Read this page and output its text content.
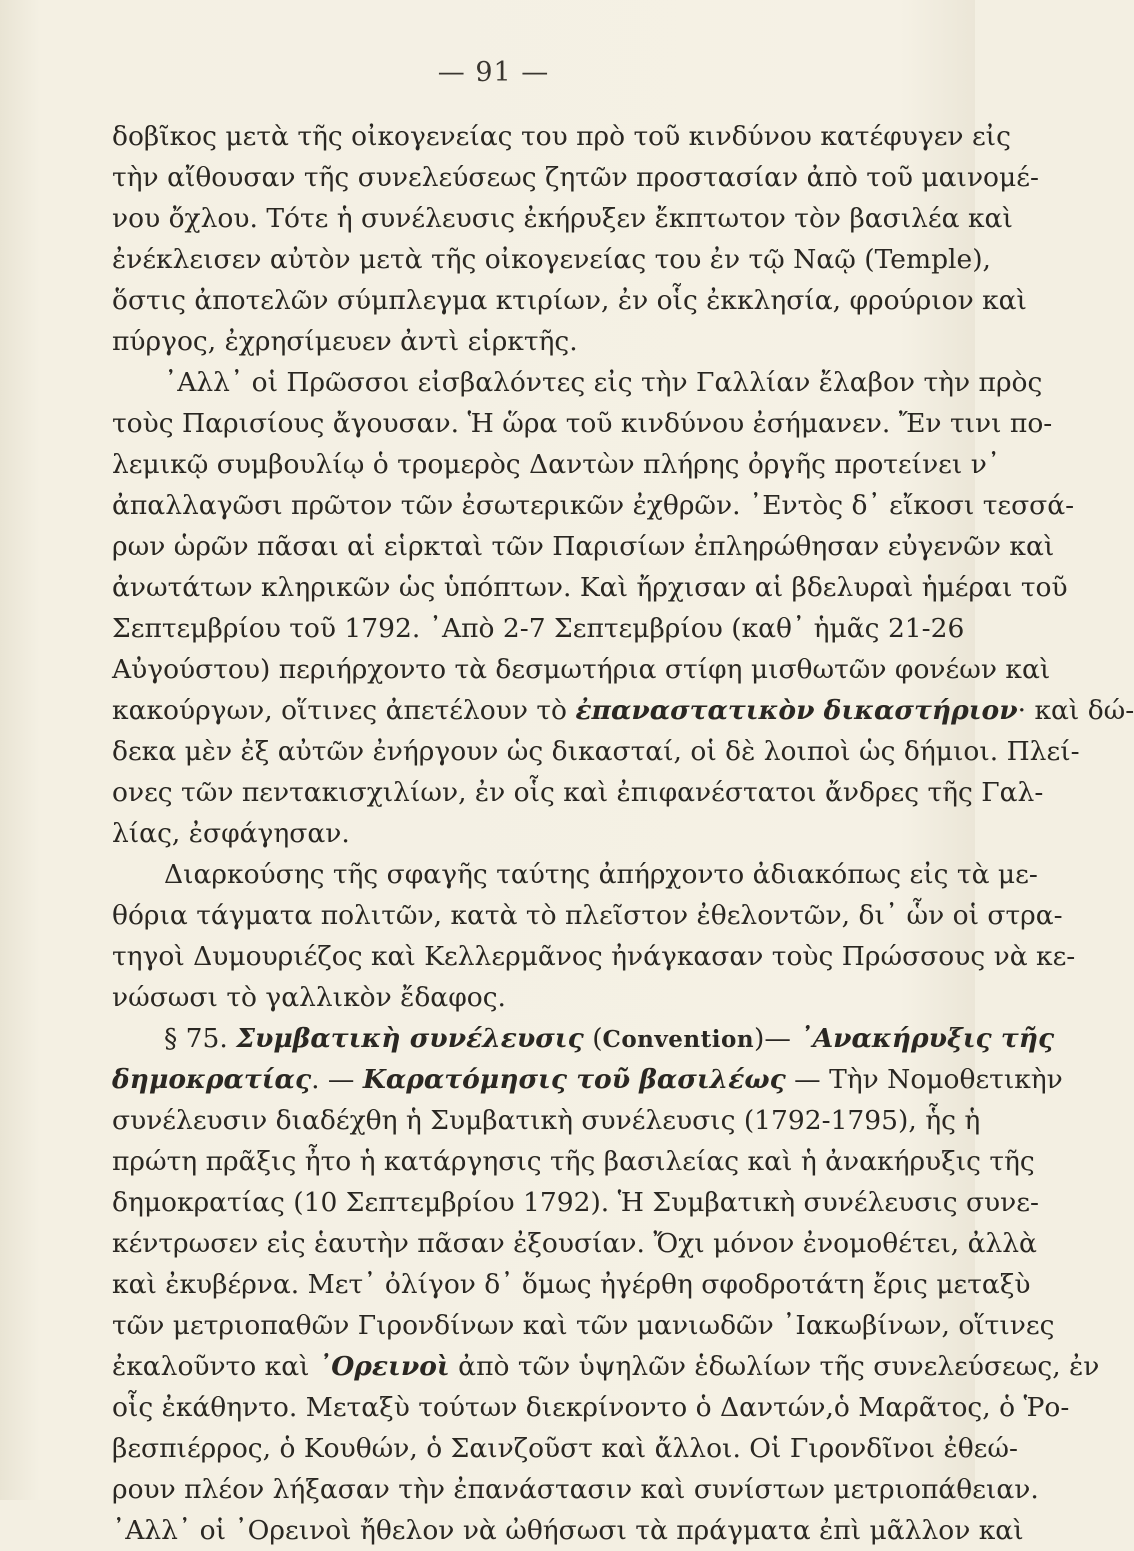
— 91 —
δοβῖκος μετὰ τῆς οἰκογενείας του πρὸ τοῦ κινδύνου κατέφυγεν εἰς
τὴν αἴθουσαν τῆς συνελεύσεως ζητῶν προστασίαν ἀπὸ τοῦ μαινομέ-
νου ὄχλου. Τότε ἡ συνέλευσις ἐκήρυξεν ἔκπτωτον τὸν βασιλέα καὶ
ἐνέκλεισεν αὐτὸν μετὰ τῆς οἰκογενείας του ἐν τῷ Ναῷ (Temple),
ὅστις ἀποτελῶν σύμπλεγμα κτιρίων, ἐν οἷς ἐκκλησία, φρούριον καὶ
πύργος, ἐχρησίμευεν ἀντὶ εἱρκτῆς.
᾿Αλλ᾿ οἱ Πρῶσσοι εἰσβαλόντες εἰς τὴν Γαλλίαν ἔλαβον τὴν πρὸς
τοὺς Παρισίους ἄγουσαν. Ἡ ὥρα τοῦ κινδύνου ἐσήμανεν. Ἔν τινι πο-
λεμικῷ συμβουλίῳ ὁ τρομερὸς Δαντὼν πλήρης ὀργῆς προτείνει ν᾿
ἀπαλλαγῶσι πρῶτον τῶν ἐσωτερικῶν ἐχθρῶν. ᾿Εντὸς δ᾿ εἴκοσι τεσσά-
ρων ὡρῶν πᾶσαι αἱ εἱρκταὶ τῶν Παρισίων ἐπληρώθησαν εὐγενῶν καὶ
ἀνωτάτων κληρικῶν ὡς ὑπόπτων. Καὶ ἤρχισαν αἱ βδελυραὶ ἡμέραι τοῦ
Σεπτεμβρίου τοῦ 1792. ᾿Απὸ 2-7 Σεπτεμβρίου (καθ᾿ ἡμᾶς 21-26
Αὐγούστου) περιήρχοντο τὰ δεσμωτήρια στίφη μισθωτῶν φονέων καὶ
κακούργων, οἵτινες ἀπετέλουν τὸ ἐπαναστατικὸν δικαστήριον· καὶ δώ-
δεκα μὲν ἐξ αὐτῶν ἐνήργουν ὡς δικασταί, οἱ δὲ λοιποὶ ὡς δήμιοι. Πλεί-
ονες τῶν πεντακισχιλίων, ἐν οἷς καὶ ἐπιφανέστατοι ἄνδρες τῆς Γαλ-
λίας, ἐσφάγησαν.
Διαρκούσης τῆς σφαγῆς ταύτης ἀπήρχοντο ἀδιακόπως εἰς τὰ με-
θόρια τάγματα πολιτῶν, κατὰ τὸ πλεῖστον ἐθελοντῶν, δι᾿ ὧν οἱ στρα-
τηγοὶ Δυμουριέζος καὶ Κελλερμᾶνος ἠνάγκασαν τοὺς Πρώσσους νὰ κε-
νώσωσι τὸ γαλλικὸν ἔδαφος.
§ 75. Συμβατικὴ συνέλευσις (Convention)— ᾿Ανακήρυξις τῆς
δημοκρατίας. — Καρατόμησις τοῦ βασιλέως — Τὴν Νομοθετικὴν
συνέλευσιν διαδέχθη ἡ Συμβατικὴ συνέλευσις (1792-1795), ἧς ἡ
πρώτη πρᾶξις ἦτο ἡ κατάργησις τῆς βασιλείας καὶ ἡ ἀνακήρυξις τῆς
δημοκρατίας (10 Σεπτεμβρίου 1792). Ἡ Συμβατικὴ συνέλευσις συνε-
κέντρωσεν εἰς ἑαυτὴν πᾶσαν ἐξουσίαν. Ὄχι μόνον ἐνομοθέτει, ἀλλὰ
καὶ ἐκυβέρνα. Μετ᾿ ὀλίγον δ᾿ ὅμως ἠγέρθη σφοδροτάτη ἔρις μεταξὺ
τῶν μετριοπαθῶν Γιρονδίνων καὶ τῶν μανιωδῶν ᾿Ιακωβίνων, οἵτινες
ἐκαλοῦντο καὶ ᾿Ορεινοὶ ἀπὸ τῶν ὑψηλῶν ἑδωλίων τῆς συνελεύσεως, ἐν
οἷς ἐκάθηντο. Μεταξὺ τούτων διεκρίνοντο ὁ Δαντών,ὁ Μαρᾶτος, ὁ Ῥο-
βεσπιέρρος, ὁ Κουθών, ὁ Σαινζοῦστ καὶ ἄλλοι. Οἱ Γιρονδῖνοι ἐθεώ-
ρουν πλέον λήξασαν τὴν ἐπανάστασιν καὶ συνίστων μετριοπάθειαν.
᾿Αλλ᾿ οἱ ᾿Ορεινοὶ ἤθελον νὰ ὠθήσωσι τὰ πράγματα ἐπὶ μᾶλλον καὶ
